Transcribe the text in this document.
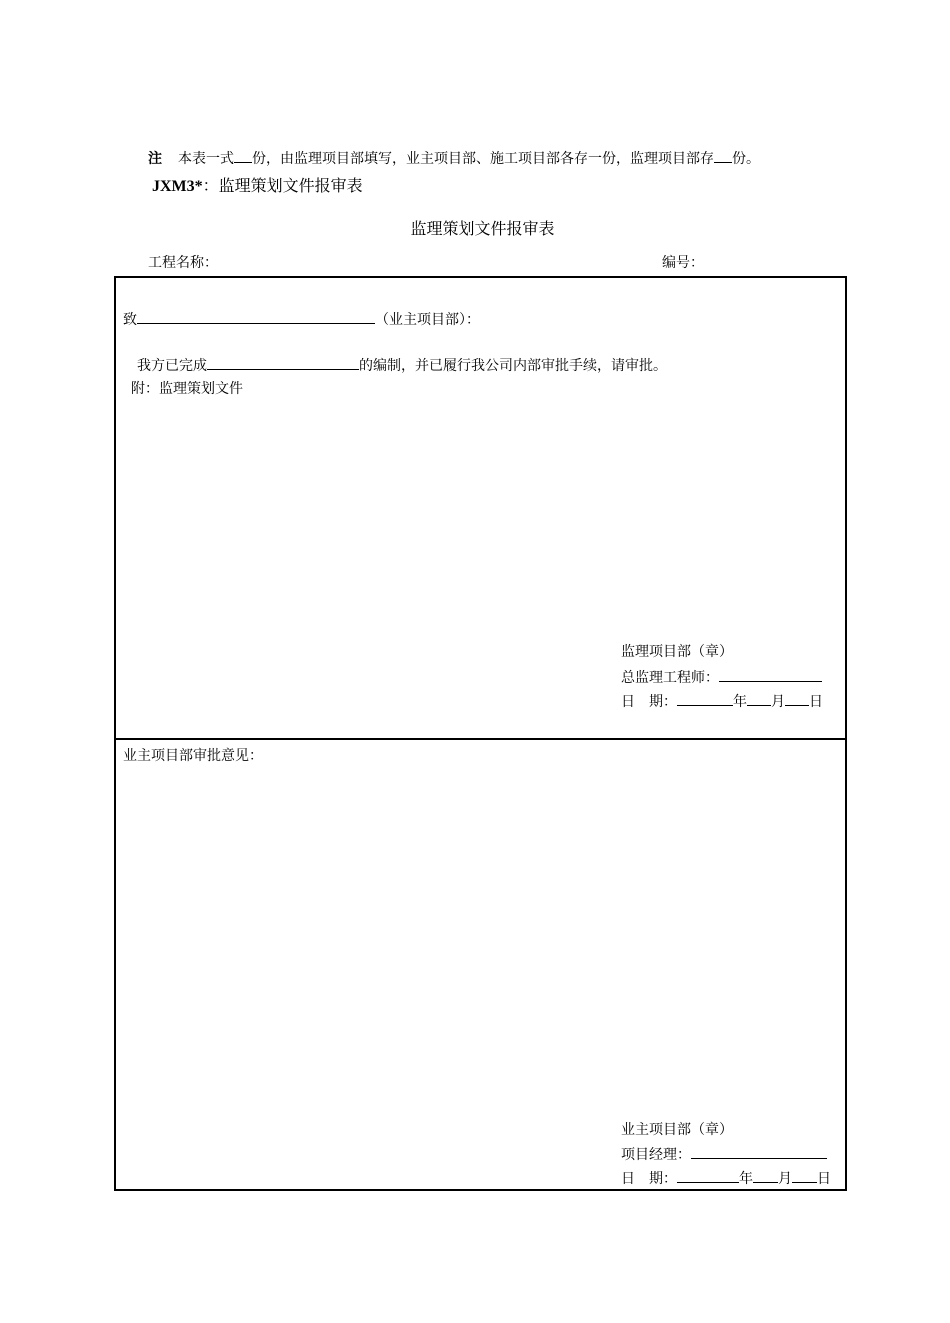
注 本表一式 份，由监理项目部填写，业主项目部、施工项目部各存一份，监理项目部存 份。
JXM3*：监理策划文件报审表
监理策划文件报审表
工程名称：	编号：
致	（业主项目部）：
我方已完成	的编制，并已履行我公司内部审批手续，请审批。
附：监理策划文件
监理项目部（章）
总监理工程师：
日　期：	年 月 日
业主项目部审批意见：
业主项目部（章）
项目经理：
日　期：	年 月 日
